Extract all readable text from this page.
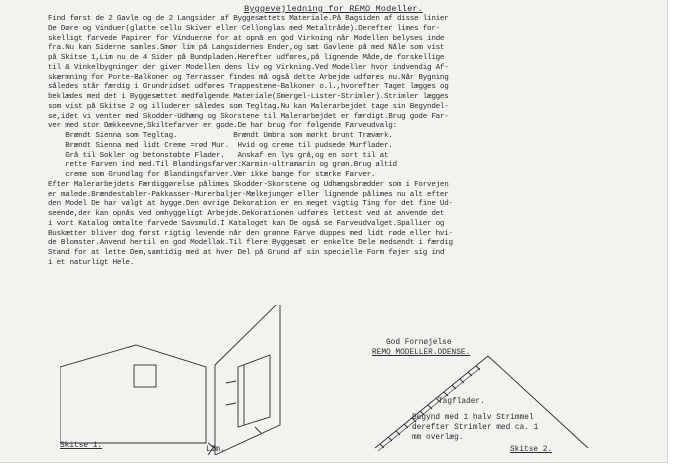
Byggevejledning for REMO Modeller.
Find først de 2 Gavle og de 2 Langsider af Byggesættets Materiale.På Bagsiden af disse linier
De Døre og Vinduer(glatte cellu Skiver eller Cellonglas med Metaltråde).Derefter limes for-
skelligt farvede Papirer for Vinduerne for at opnå en god Virkning når Modellen belyses inde
fra.Nu kan Siderne samles.Smør lim på Langsidernes Ender,og sæt Gavlene på med Nåle som vist
på Skitse 1,Lim nu de 4 Sider på Bundpladen.Herefter udføres,på lignende Måde,de forskellige
til & Vinkelbygninger der giver Modellen dens liv og Virkning.Ved Modeller hvor indvendig Af-
skærmning for Porte-Balkoner og Terrasser findes må også dette Arbejde udføres nu.Når Bygning
således står færdig i Grundridset udføres Trappestene-Balkoner o.l.,hvorefter Taget lægges og
beklædes med det i Byggesættet medfølgende Materiale(Smergel-Lister-Strimler).Strimler lægges
som vist på Skitse 2 og illuderer således som Tegltag.Nu kan Malerarbejdet tage sin Begyndel-
se,idet vi venter med Skodder-Udhæng og Skorstene til Malerarbejdet er færdigt.Brug gode Far-
ver med stor Dækkeevne,Skiltefarver er gode.De har brug for følgende Farveudvalg:
Brændt Sienna som Tegltag.             Brændt Umbra som mørkt brunt Træværk.
Brændt Sienna med lidt Creme =rød Mur.  Hvid og creme til pudsede Murflader.
Grå til Sokler og betonstøbte Flader.   Anskaf en lys grå,og en sort til at
rette Farven ind med.Til Blandingsfarver:Karmin-ultramarin og grøn.Brug altid
creme som Grundlag for Blandingsfarver.Vær ikke bange for stærke Farver.
Efter Malerarbejdets Færdiggørelse pålimes Skodder-Skorstene og Udhængsbrædder som i Forvejen
er malede.Brændestabler-Pakkasser-Murerbaljer-Mælkejunger eller lignende pålimes nu alt efter
den Model De har valgt at bygge.Den øvrige Dekoration er en meget vigtig Ting for det fine Ud-
seende,der kan opnås ved omhyggeligt Arbejde.Dekorationen udføres lettest ved at anvende det
i vort Katalog omtalte farvede Savsmuld.I Kataloget kan De også se Farveudvalget.Spallier og
Buskætter bliver dog først rigtig levende når den grønne Farve duppes med lidt røde eller hvi-
de Blomster.Anvend hertil en god Modellak.Til flere Byggesæt er enkelte Dele medsendt i færdig
Stand for at lette Dem,samtidig med at hver Del på Grund af sin specielle Form føjer sig ind
i et naturligt Hele.
God Fornøjelse
REMO MODELLER.ODENSE.
Skitse 1.	Lim.
Tagflader.
Begynd med 1 halv Strimmel
derefter Strimler med ca. 1
mm overlæg.
Skitse 2.
